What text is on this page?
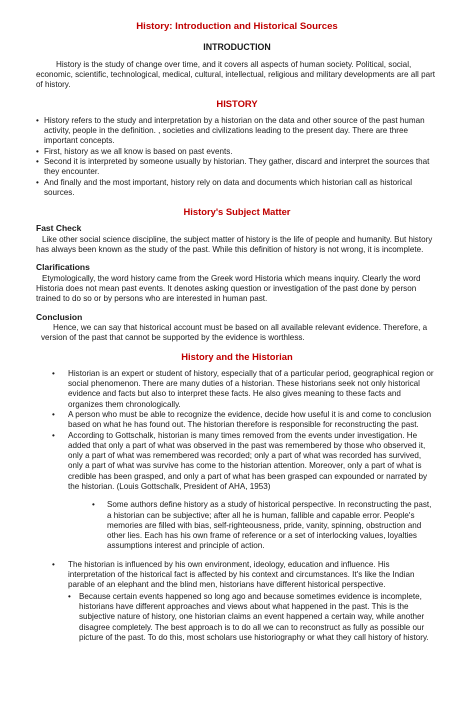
History: Introduction and Historical Sources
INTRODUCTION

History is the study of change over time, and it covers all aspects of human society. Political, social, economic, scientific, technological, medical, cultural, intellectual, religious and military developments are all part of history.

HISTORY
• History refers to the study and interpretation by a historian on the data and other source of the past human activity, people in the definition. , societies and civilizations leading to the present day. There are three important concepts.
• First, history as we all know is based on past events.
• Second it is interpreted by someone usually by historian. They gather, discard and interpret the sources that they encounter.
• And finally and the most important, history rely on data and documents which historian call as historical sources.
History's Subject Matter
Fast Check

Like other social science discipline, the subject matter of history is the life of people and humanity. But history has always been known as the study of the past. While this definition of history is not wrong, it is incomplete.

Clarifications

Etymologically, the word history came from the Greek word Historia which means inquiry. Clearly the word Historia does not mean past events. It denotes asking question or investigation of the past done by person trained to do so or by persons who are interested in human past.

Conclusion

Hence, we can say that historical account must be based on all available relevant evidence. Therefore, a version of the past that cannot be supported by the evidence is worthless.

History and the Historian
• Historian is an expert or student of history, especially that of a particular period, geographical region or social phenomenon. There are many duties of a historian. These historians seek not only historical evidence and facts but also to interpret these facts. He also gives meaning to these facts and organizes them chronologically.
• A person who must be able to recognize the evidence, decide how useful it is and come to conclusion based on what he has found out. The historian therefore is responsible for reconstructing the past.
• According to Gottschalk, historian is many times removed from the events under investigation. He added that only a part of what was observed in the past was remembered by those who observed it, only a part of what was remembered was recorded; only a part of what was recorded has survived, only a part of what was survive has come to the historian attention. Moreover, only a part of what is credible has been grasped, and only a part of what has been grasped can expounded or narrated by the historian. (Louis Gottschalk, President of AHA, 1953)
• Some authors define history as a study of historical perspective. In reconstructing the past, a historian can be subjective; after all he is human, fallible and capable error. People's memories are filled with bias, self-righteousness, pride, vanity, spinning, obstruction and other lies. Each has his own frame of reference or a set of interlocking values, loyalties assumptions interest and principle of action.
• The historian is influenced by his own environment, ideology, education and influence. His interpretation of the historical fact is affected by his context and circumstances. It's like the Indian parable of an elephant and the blind men, historians have different historical perspective.
• Because certain events happened so long ago and because sometimes evidence is incomplete, historians have different approaches and views about what happened in the past. This is the subjective nature of history, one historian claims an event happened a certain way, while another disagree completely. The best approach is to do all we can to reconstruct as fully as possible our picture of the past. To do this, most scholars use historiography or what they call history of history.
